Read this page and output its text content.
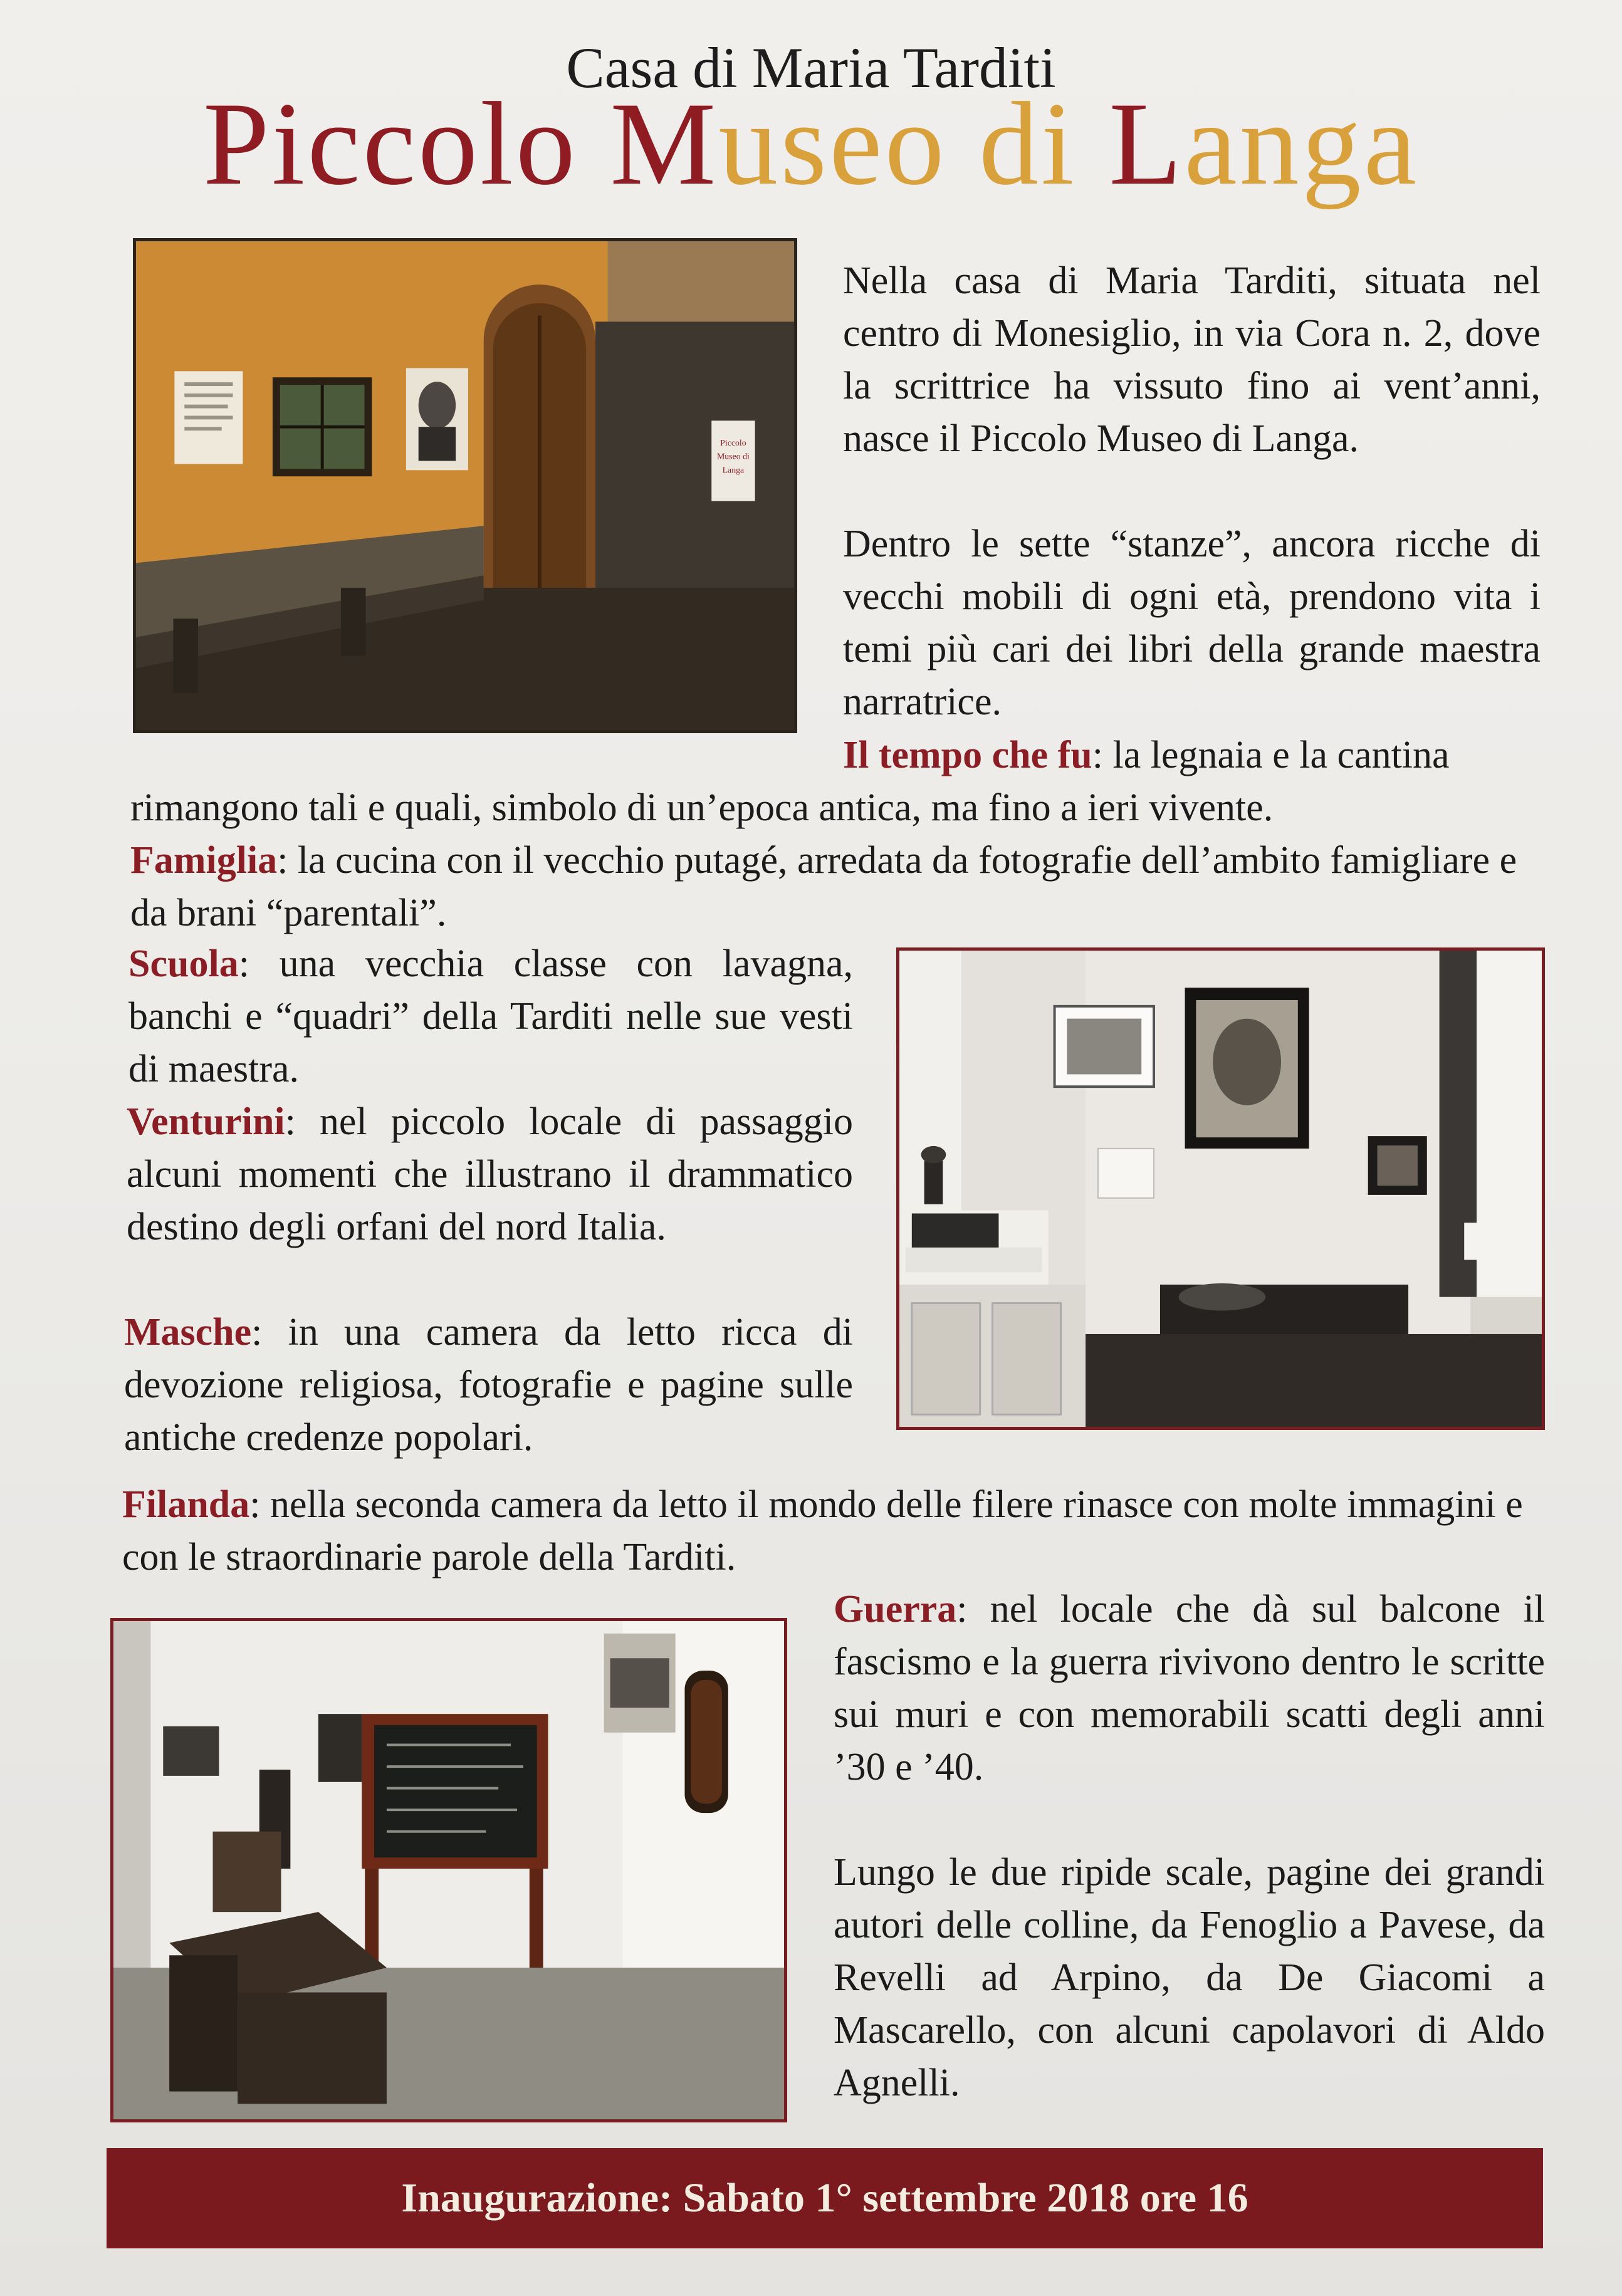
Casa di Maria Tarditi
Piccolo Museo di Langa
Piccolo
Museo di
Langa
Nella casa di Maria Tarditi, situata nel centro di Monesiglio, in via Cora n. 2, dove la scrittrice ha vissuto fino ai vent’anni, nasce il Piccolo Museo di Langa.
Dentro le sette “stanze”, ancora ricche di vecchi mobili di ogni età, prendono vita i temi più cari dei libri della grande maestra narratrice.
Il tempo che fu: la legnaia e la cantina
rimangono tali e quali, simbolo di un’epoca antica, ma fino a ieri vivente.
Famiglia: la cucina con il vecchio putagé, arredata da fotografie dell’ambito famigliare e da brani “parentali”.
Scuola: una vecchia classe con lavagna, banchi e “quadri” della Tarditi nelle sue vesti di maestra.
Venturini: nel piccolo locale di passaggio alcuni momenti che illustrano il drammatico destino degli orfani del nord Italia.
Masche: in una camera da letto ricca di devozione religiosa, fotografie e pagine sulle antiche credenze popolari.
Filanda: nella seconda camera da letto il mondo delle filere rinasce con molte immagini e con le straordinarie parole della Tarditi.
Guerra: nel locale che dà sul balcone il fascismo e la guerra rivivono dentro le scritte sui muri e con memorabili scatti degli anni ’30 e ’40.
Lungo le due ripide scale, pagine dei grandi autori delle colline, da Fenoglio a Pavese, da Revelli ad Arpino, da De Giacomi a Mascarello, con alcuni capolavori di Aldo Agnelli.
Inaugurazione: Sabato 1° settembre 2018 ore 16
